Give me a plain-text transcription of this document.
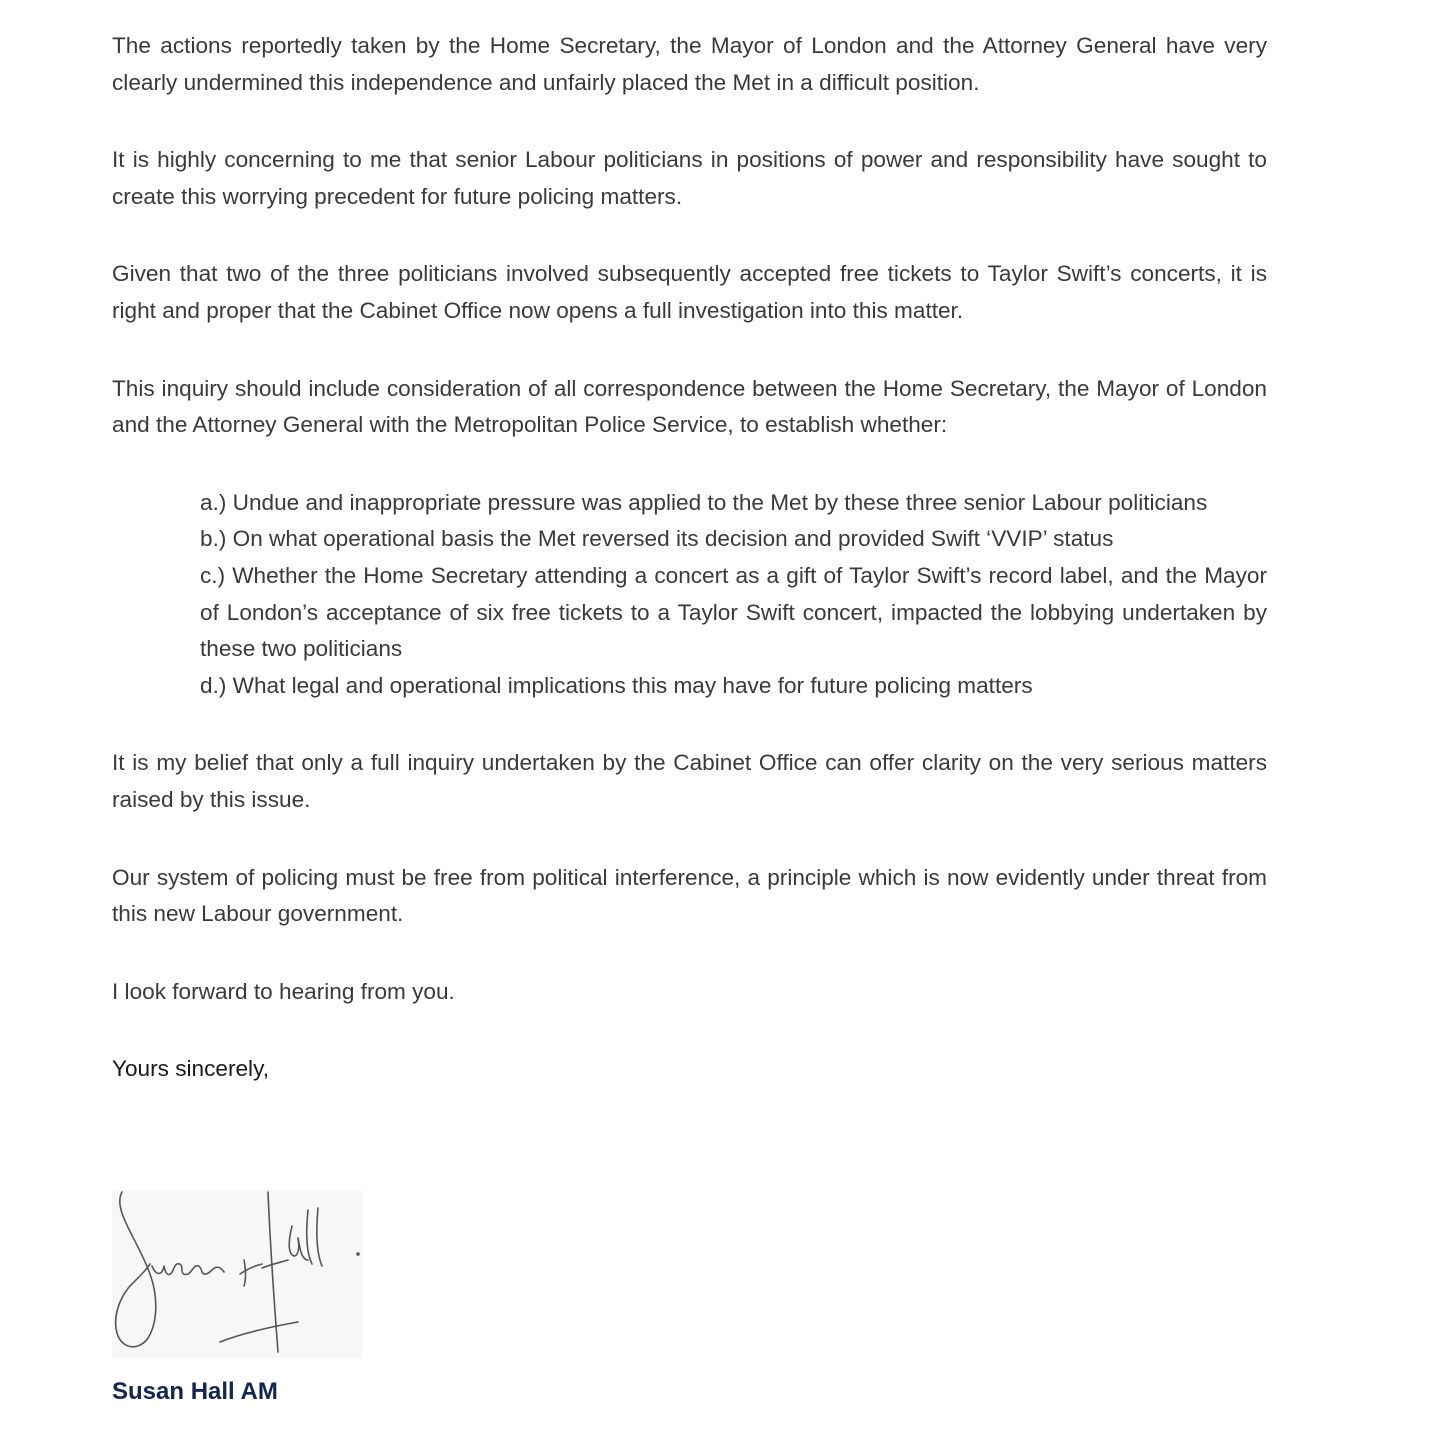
The actions reportedly taken by the Home Secretary, the Mayor of London and the Attorney General have very clearly undermined this independence and unfairly placed the Met in a difficult position.

It is highly concerning to me that senior Labour politicians in positions of power and responsibility have sought to create this worrying precedent for future policing matters.

Given that two of the three politicians involved subsequently accepted free tickets to Taylor Swift’s concerts, it is right and proper that the Cabinet Office now opens a full investigation into this matter.

This inquiry should include consideration of all correspondence between the Home Secretary, the Mayor of London and the Attorney General with the Metropolitan Police Service, to establish whether:

a.) Undue and inappropriate pressure was applied to the Met by these three senior Labour politicians
b.) On what operational basis the Met reversed its decision and provided Swift ‘VVIP’ status
c.) Whether the Home Secretary attending a concert as a gift of Taylor Swift’s record label, and the Mayor of London’s acceptance of six free tickets to a Taylor Swift concert, impacted the lobbying undertaken by these two politicians
d.) What legal and operational implications this may have for future policing matters

It is my belief that only a full inquiry undertaken by the Cabinet Office can offer clarity on the very serious matters raised by this issue.

Our system of policing must be free from political interference, a principle which is now evidently under threat from this new Labour government.

I look forward to hearing from you.

Yours sincerely,

Susan Hall AM
